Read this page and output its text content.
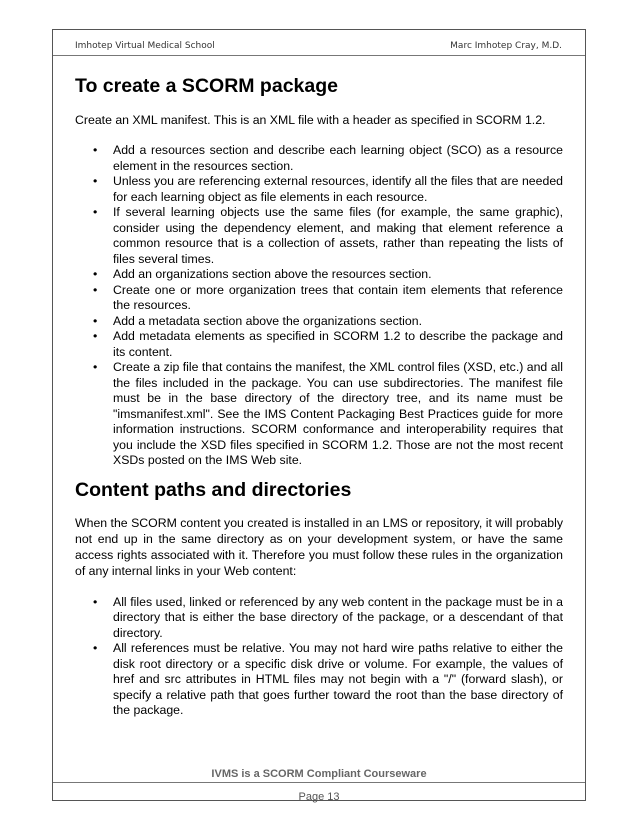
Imhotep Virtual Medical School	Marc Imhotep Cray, M.D.
To create a SCORM package

Create an XML manifest. This is an XML file with a header as specified in SCORM 1.2.

• Add a resources section and describe each learning object (SCO) as a resource element in the resources section.
• Unless you are referencing external resources, identify all the files that are needed for each learning object as file elements in each resource.
• If several learning objects use the same files (for example, the same graphic), consider using the dependency element, and making that element reference a common resource that is a collection of assets, rather than repeating the lists of files several times.
• Add an organizations section above the resources section.
• Create one or more organization trees that contain item elements that reference the resources.
• Add a metadata section above the organizations section.
• Add metadata elements as specified in SCORM 1.2 to describe the package and its content.
• Create a zip file that contains the manifest, the XML control files (XSD, etc.) and all the files included in the package. You can use subdirectories. The manifest file must be in the base directory of the directory tree, and its name must be "imsmanifest.xml". See the IMS Content Packaging Best Practices guide for more information instructions. SCORM conformance and interoperability requires that you include the XSD files specified in SCORM 1.2. Those are not the most recent XSDs posted on the IMS Web site.
Content paths and directories

When the SCORM content you created is installed in an LMS or repository, it will probably not end up in the same directory as on your development system, or have the same access rights associated with it. Therefore you must follow these rules in the organization of any internal links in your Web content:

• All files used, linked or referenced by any web content in the package must be in a directory that is either the base directory of the package, or a descendant of that directory.
• All references must be relative. You may not hard wire paths relative to either the disk root directory or a specific disk drive or volume. For example, the values of href and src attributes in HTML files may not begin with a "/" (forward slash), or specify a relative path that goes further toward the root than the base directory of the package.
IVMS is a SCORM Compliant Courseware
Page 13
